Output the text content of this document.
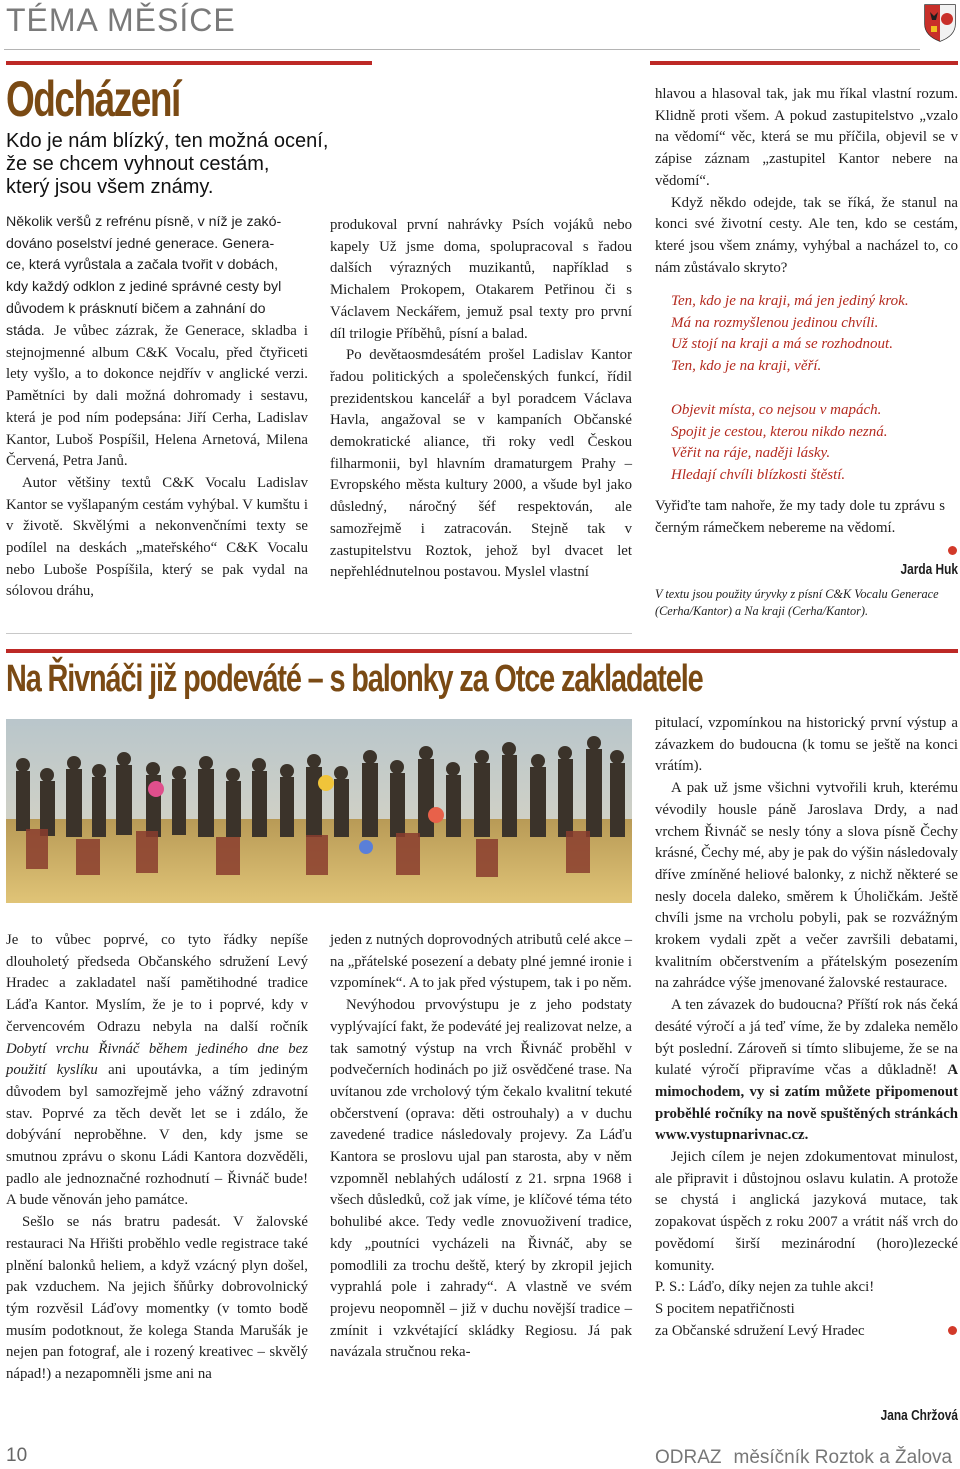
TÉMA MĚSÍCE
Odcházení
Kdo je nám blízký, ten možná ocení,
že se chcem vyhnout cestám,
který jsou všem známy.
Několik veršů z refrénu písně, v níž je zakó-
dováno poselství jedné generace. Genera-
ce, která vyrůstala a začala tvořit v dobách,
kdy každý odklon z jediné správné cesty byl
důvodem k prásknutí bičem a zahnání do
stáda. Je vůbec zázrak, že Generace, skladba i stejnojmenné album C&K Vocalu, před čtyřiceti lety vyšlo, a to dokonce nejdřív v anglické verzi. Pamětníci by dali možná dohromady i sestavu, která je pod ním podepsána: Jiří Cerha, Ladislav Kantor, Luboš Pospíšil, Helena Arnetová, Milena Červená, Petra Janů.

Autor většiny textů C&K Vocalu Ladislav Kantor se vyšlapaným cestám vyhýbal. V kumštu i v životě. Skvělými a nekonvenčními texty se podílel na deskách „mateřského“ C&K Vocalu nebo Luboše Pospíšila, který se pak vydal na sólovou dráhu,

produkoval první nahrávky Psích vojáků nebo kapely Už jsme doma, spolupracoval s řadou dalších výrazných muzikantů, například s Michalem Prokopem, Otakarem Petřinou či s Václavem Neckářem, jemuž psal texty pro první díl trilogie Příběhů, písní a balad.

Po devětaosmdesátém prošel Ladislav Kantor řadou politických a společenských funkcí, řídil prezidentskou kancelář a byl poradcem Václava Havla, angažoval se v kampaních Občanské demokratické aliance, tři roky vedl Českou filharmonii, byl hlavním dramaturgem Prahy – Evropského města kultury 2000, a všude byl jako důsledný, náročný šéf respektován, ale samozřejmě i zatracován. Stejně tak v zastupitelstvu Roztok, jehož byl dvacet let nepřehlédnutelnou postavou. Myslel vlastní

hlavou a hlasoval tak, jak mu říkal vlastní rozum. Klidně proti všem. A pokud zastupitelstvo „vzalo na vědomí“ věc, která se mu příčila, objevil se v zápise záznam „zastupitel Kantor nebere na vědomí“.

Když někdo odejde, tak se říká, že stanul na konci své životní cesty. Ale ten, kdo se cestám, které jsou všem známy, vyhýbal a nacházel to, co nám zůstávalo skryto?

Ten, kdo je na kraji, má jen jediný krok.
Má na rozmyšlenou jedinou chvíli.
Už stojí na kraji a má se rozhodnout.
Ten, kdo je na kraji, věří.
Objevit místa, co nejsou v mapách.
Spojit je cestou, kterou nikdo nezná.
Věřit na ráje, naději lásky.
Hledají chvíli blízkosti štěstí.

Vyřiďte tam nahoře, že my tady dole tu zprávu s černým rámečkem nebereme na vědomí.

Jarda Huk

V textu jsou použity úryvky z písní C&K Vocalu Generace (Cerha/Kantor) a Na kraji (Cerha/Kantor).

Na Řivnáči již podeváté – s balonky za Otce zakladatele

Je to vůbec poprvé, co tyto řádky nepíše dlouholetý předseda Občanského sdružení Levý Hradec a zakladatel naší pamětihodné tradice Láďa Kantor. Myslím, že je to i poprvé, kdy v červencovém Odrazu nebyla na další ročník Dobytí vrchu Řivnáč během jediného dne bez použití kyslíku ani upoutávka, a tím jediným důvodem byl samozřejmě jeho vážný zdravotní stav. Poprvé za těch devět let se i zdálo, že dobývání neproběhne. V den, kdy jsme se smutnou zprávu o skonu Ládi Kantora dozvěděli, padlo ale jednoznačné rozhodnutí – Řivnáč bude! A bude věnován jeho památce.

Sešlo se nás bratru padesát. V žalovské restauraci Na Hřišti proběhlo vedle registrace také plnění balonků heliem, a když vzácný plyn došel, pak vzduchem. Na jejich šňůrky dobrovolnický tým rozvěsil Láďovy momentky (v tomto bodě musím podotknout, že kolega Standa Marušák je nejen pan fotograf, ale i rozený kreativec – skvělý nápad!) a nezapomněli jsme ani na

jeden z nutných doprovodných atributů celé akce – na „přátelské posezení a debaty plné jemné ironie i vzpomínek“. A to jak před výstupem, tak i po něm.

Nevýhodou prvovýstupu je z jeho podstaty vyplývající fakt, že podeváté jej realizovat nelze, a tak samotný výstup na vrch Řivnáč proběhl v podvečerních hodinách po již osvědčené trase. Na uvítanou zde vrcholový tým čekalo kvalitní tekuté občerstvení (oprava: děti ostrouhaly) a v duchu zavedené tradice následovaly projevy. Za Láďu Kantora se proslovu ujal pan starosta, aby v něm vzpomněl neblahých událostí z 21. srpna 1968 i všech důsledků, což jak víme, je klíčové téma této bohulibé akce. Tedy vedle znovuoživení tradice, kdy „poutníci vycházeli na Řivnáč, aby se pomodlili za trochu deště, který by zkropil jejich vyprahlá pole i zahrady“. A vlastně ve svém projevu neopomněl – již v duchu novější tradice – zmínit i vzkvétající skládky Regiosu. Já pak navázala stručnou reka-

pitulací, vzpomínkou na historický první výstup a závazkem do budoucna (k tomu se ještě na konci vrátím).

A pak už jsme všichni vytvořili kruh, kterému vévodily housle páně Jaroslava Drdy, a nad vrchem Řivnáč se nesly tóny a slova písně Čechy krásné, Čechy mé, aby je pak do výšin následovaly dříve zmíněné heliové balonky, z nichž některé se nesly docela daleko, směrem k Úholičkám. Ještě chvíli jsme na vrcholu pobyli, pak se rozvážným krokem vydali zpět a večer završili debatami, kvalitním občerstvením a přátelským posezením na zahrádce výše jmenované žalovské restaurace.

A ten závazek do budoucna? Příští rok nás čeká desáté výročí a já teď víme, že by zdaleka nemělo být poslední. Zároveň si tímto slibujeme, že se na kulaté výročí připravíme včas a důkladně! A mimochodem, vy si zatím můžete připomenout proběhlé ročníky na nově spuštěných stránkách www.vystupnarivnac.cz.

Jejich cílem je nejen zdokumentovat minulost, ale připravit i důstojnou oslavu kulatin. A protože se chystá i anglická jazyková mutace, tak zopakovat úspěch z roku 2007 a vrátit náš vrch do povědomí širší mezinárodní (horo)lezecké komunity.

P. S.: Láďo, díky nejen za tuhle akci!

S pocitem nepatřičnosti

za Občanské sdružení Levý Hradec

Jana Chržová
10	ODRAZ měsíčník Roztok a Žalova
